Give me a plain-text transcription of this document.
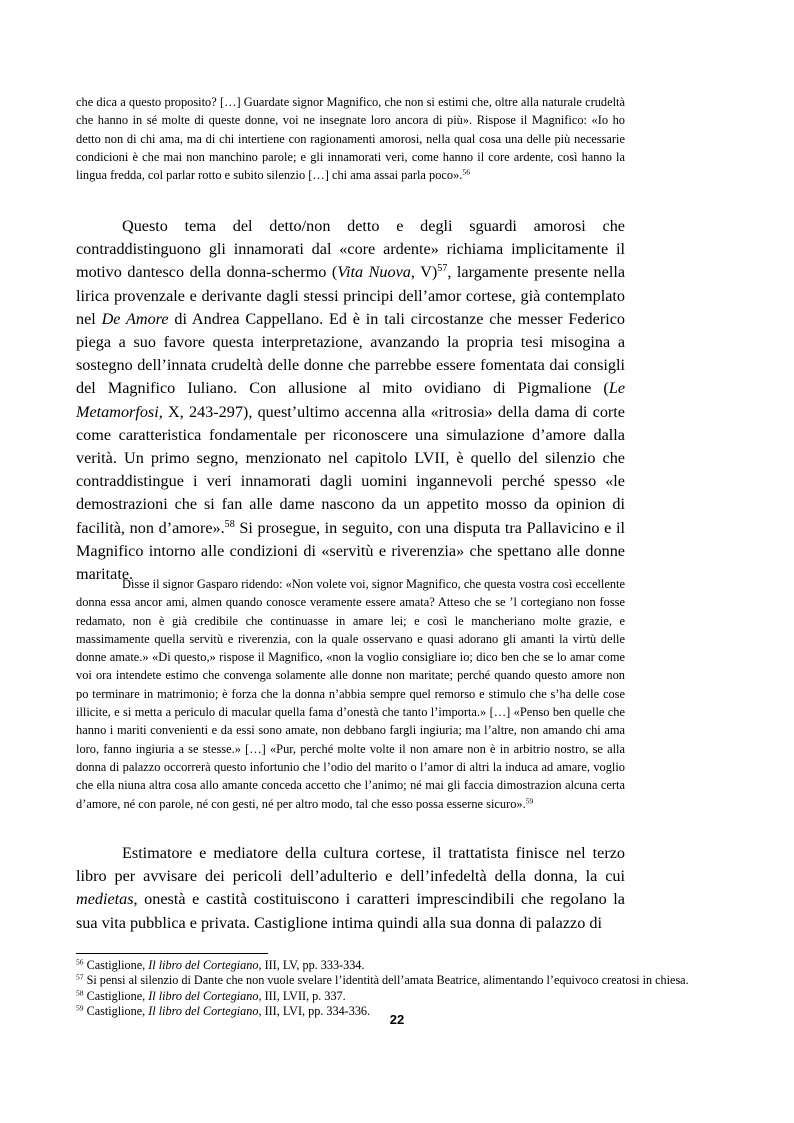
che dica a questo proposito? […] Guardate signor Magnifico, che non si estimi che, oltre alla naturale crudeltà che hanno in sé molte di queste donne, voi ne insegnate loro ancora di più». Rispose il Magnifico: «Io ho detto non di chi ama, ma di chi intertiene con ragionamenti amorosi, nella qual cosa una delle più necessarie condicioni è che mai non manchino parole; e gli innamorati veri, come hanno il core ardente, così hanno la lingua fredda, col parlar rotto e subito silenzio […] chi ama assai parla poco».$^{56}$
Questo tema del detto/non detto e degli sguardi amorosi che contraddistinguono gli innamorati dal «core ardente» richiama implicitamente il motivo dantesco della donna-schermo (Vita Nuova, V)$^{57}$, largamente presente nella lirica provenzale e derivante dagli stessi principi dell’amor cortese, già contemplato nel De Amore di Andrea Cappellano. Ed è in tali circostanze che messer Federico piega a suo favore questa interpretazione, avanzando la propria tesi misogina a sostegno dell’innata crudeltà delle donne che parrebbe essere fomentata dai consigli del Magnifico Iuliano. Con allusione al mito ovidiano di Pigmalione (Le Metamorfosi, X, 243-297), quest’ultimo accenna alla «ritrosia» della dama di corte come caratteristica fondamentale per riconoscere una simulazione d’amore dalla verità. Un primo segno, menzionato nel capitolo LVII, è quello del silenzio che contraddistingue i veri innamorati dagli uomini ingannevoli perché spesso «le demostrazioni che si fan alle dame nascono da un appetito mosso da opinion di facilità, non d’amore».$^{58}$ Si prosegue, in seguito, con una disputa tra Pallavicino e il Magnifico intorno alle condizioni di «servitù e riverenzia» che spettano alle donne maritate.
Disse il signor Gasparo ridendo: «Non volete voi, signor Magnifico, che questa vostra così eccellente donna essa ancor ami, almen quando conosce veramente essere amata? Atteso che se ’l cortegiano non fosse redamato, non è già credibile che continuasse in amare lei; e così le mancheriano molte grazie, e massimamente quella servitù e riverenzia, con la quale osservano e quasi adorano gli amanti la virtù delle donne amate.» «Di questo,» rispose il Magnifico, «non la voglio consigliare io; dico ben che se lo amar come voi ora intendete estimo che convenga solamente alle donne non maritate; perché quando questo amore non po terminare in matrimonio; è forza che la donna n’abbia sempre quel remorso e stimulo che s’ha delle cose illicite, e si metta a periculo di macular quella fama d’onestà che tanto l’importa.» […] «Penso ben quelle che hanno i mariti convenienti e da essi sono amate, non debbano fargli ingiuria; ma l’altre, non amando chi ama loro, fanno ingiuria a se stesse.» […] «Pur, perché molte volte il non amare non è in arbitrio nostro, se alla donna di palazzo occorrerà questo infortunio che l’odio del marito o l’amor di altri la induca ad amare, voglio che ella niuna altra cosa allo amante conceda accetto che l’animo; né mai gli faccia dimostrazion alcuna certa d’amore, né con parole, né con gesti, né per altro modo, tal che esso possa esserne sicuro».$^{59}$
Estimatore e mediatore della cultura cortese, il trattatista finisce nel terzo libro per avvisare dei pericoli dell’adulterio e dell’infedeltà della donna, la cui medietas, onestà e castità costituiscono i caratteri imprescindibili che regolano la sua vita pubblica e privata. Castiglione intima quindi alla sua donna di palazzo di

$^{56}$ Castiglione, Il libro del Cortegiano, III, LV, pp. 333-334.

$^{57}$ Si pensi al silenzio di Dante che non vuole svelare l’identità dell’amata Beatrice, alimentando l’equivoco creatosi in chiesa.

$^{58}$ Castiglione, Il libro del Cortegiano, III, LVII, p. 337.

$^{59}$ Castiglione, Il libro del Cortegiano, III, LVI, pp. 334-336.

22
